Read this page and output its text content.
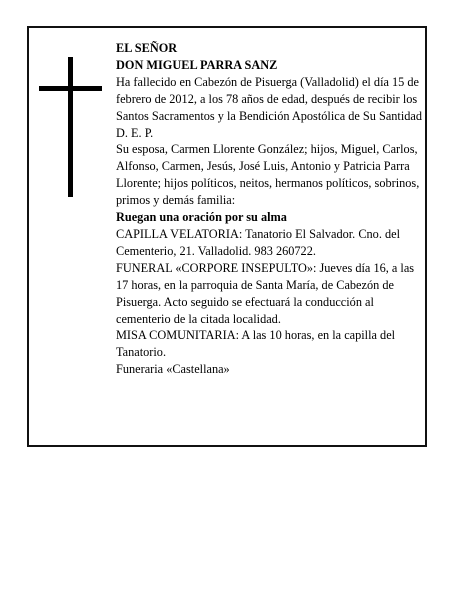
EL SEÑOR

DON MIGUEL PARRA SANZ

Ha fallecido en Cabezón de Pisuerga (Valladolid) el día 15 de febrero de 2012, a los 78 años de edad, después de recibir los Santos Sacramentos y la Bendición Apostólica de Su Santidad

D. E. P.

Su esposa, Carmen Llorente González; hijos, Miguel, Carlos, Alfonso, Carmen, Jesús, José Luis, Antonio y Patricia Parra Llorente; hijos políticos, neitos, hermanos políticos, sobrinos, primos y demás familia:

Ruegan una oración por su alma

CAPILLA VELATORIA: Tanatorio El Salvador. Cno. del Cementerio, 21. Valladolid. 983 260722.

FUNERAL «CORPORE INSEPULTO»: Jueves día 16, a las 17 horas, en la parroquia de Santa María, de Cabezón de Pisuerga. Acto seguido se efectuará la conducción al cementerio de la citada localidad.

MISA COMUNITARIA: A las 10 horas, en la capilla del Tanatorio.

Funeraria «Castellana»
